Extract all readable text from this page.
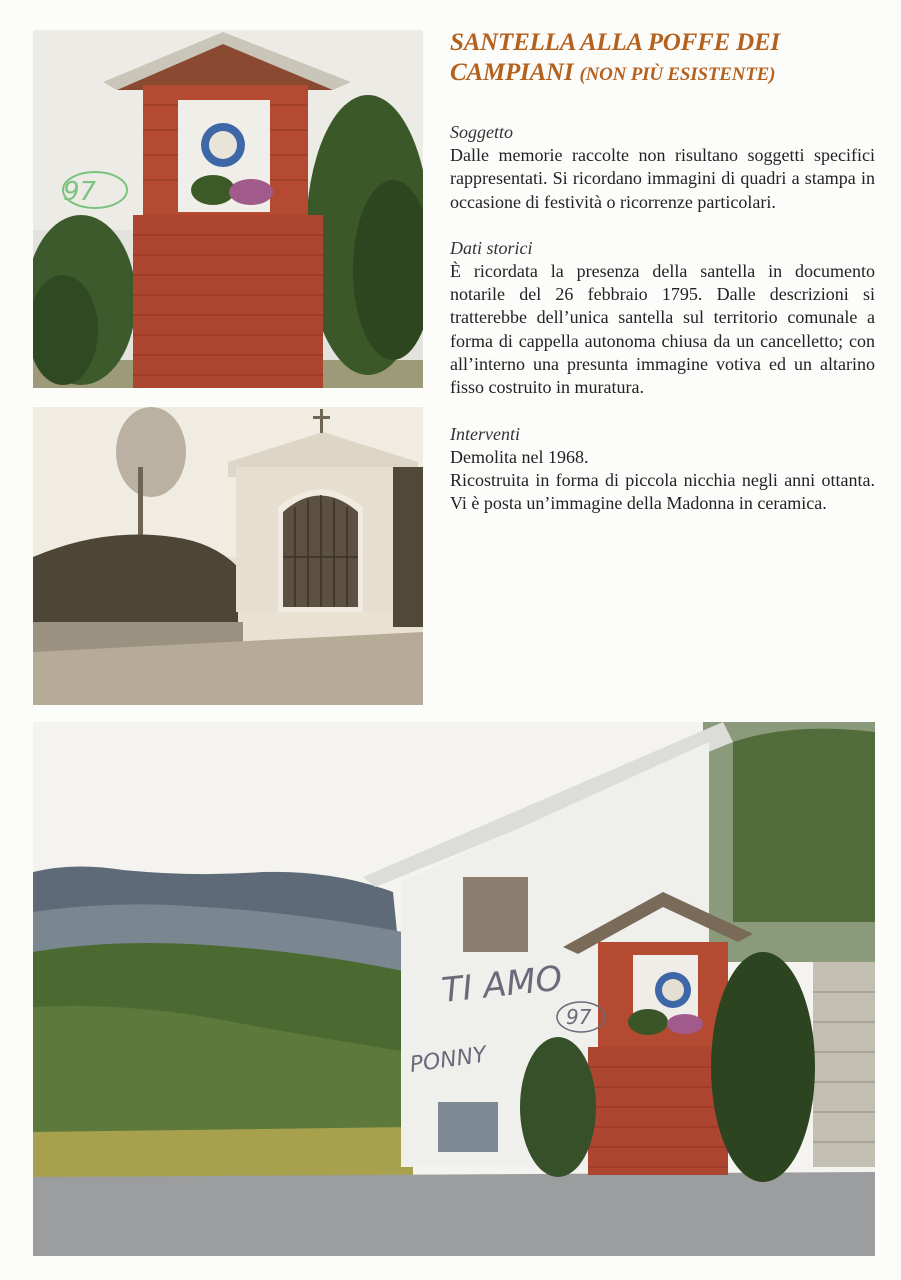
97
TI AMO
PONNY
97
SANTELLA ALLA POFFE DEI
CAMPIANI (NON PIÙ ESISTENTE)
Soggetto

Dalle memorie raccolte non risultano soggetti specifici rappresentati. Si ricordano immagini di quadri a stampa in occasione di festività o ricorrenze particolari.

Dati storici

È ricordata la presenza della santella in documento notarile del 26 febbraio 1795. Dalle descrizioni si tratterebbe dell’unica santella sul territorio comunale a forma di cappella autonoma chiusa da un cancelletto; con all’interno una presunta immagine votiva ed un altarino fisso costruito in muratura.

Interventi

Demolita nel 1968.

Ricostruita in forma di piccola nicchia negli anni ottanta. Vi è posta un’immagine della Madonna in ceramica.
